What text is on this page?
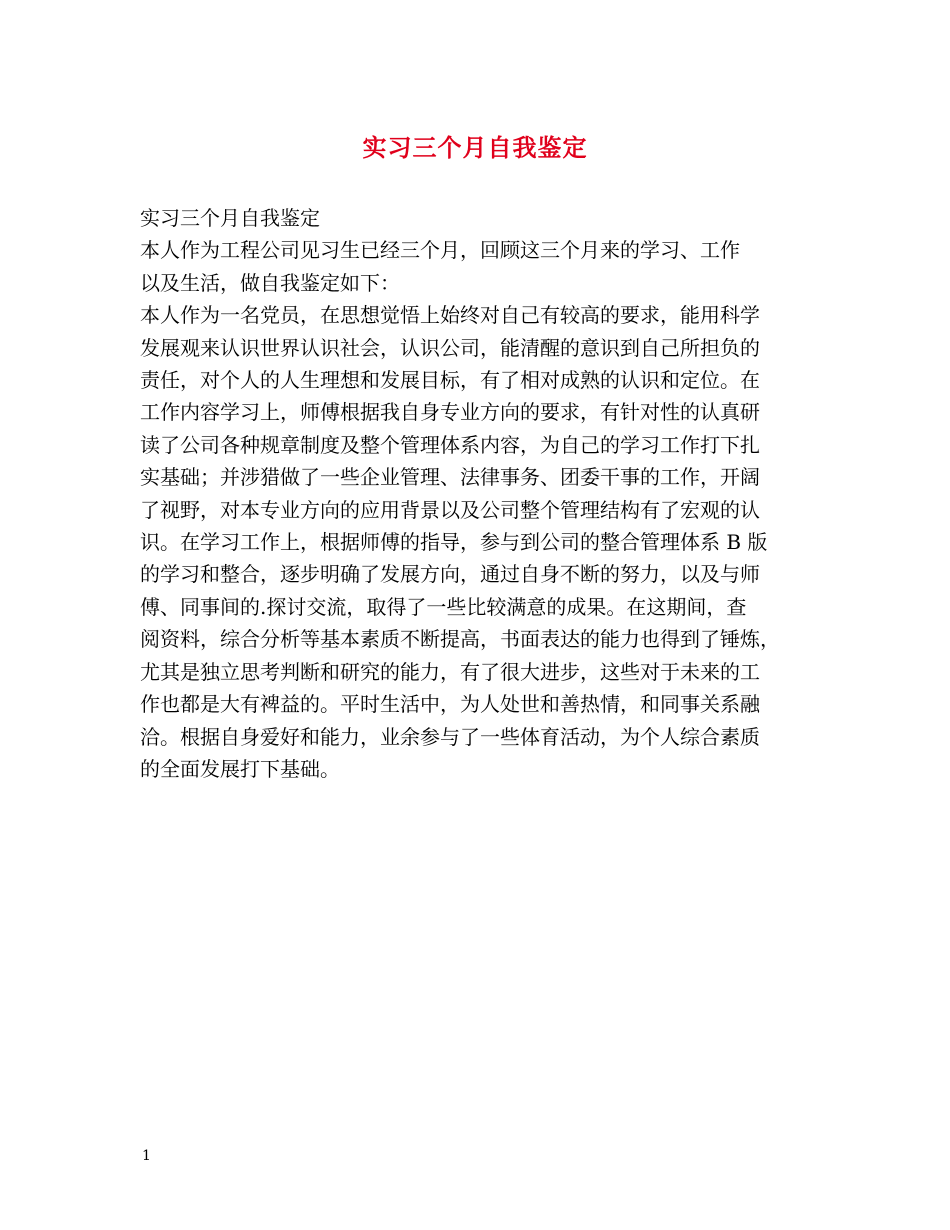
实习三个月自我鉴定

实习三个月自我鉴定

本人作为工程公司见习生已经三个月，回顾这三个月来的学习、工作

以及生活，做自我鉴定如下：

本人作为一名党员，在思想觉悟上始终对自己有较高的要求，能用科学

发展观来认识世界认识社会，认识公司，能清醒的意识到自己所担负的

责任，对个人的人生理想和发展目标，有了相对成熟的认识和定位。在

工作内容学习上，师傅根据我自身专业方向的要求，有针对性的认真研

读了公司各种规章制度及整个管理体系内容，为自己的学习工作打下扎

实基础；并涉猎做了一些企业管理、法律事务、团委干事的工作，开阔

了视野，对本专业方向的应用背景以及公司整个管理结构有了宏观的认

识。在学习工作上，根据师傅的指导，参与到公司的整合管理体系 B 版

的学习和整合，逐步明确了发展方向，通过自身不断的努力，以及与师

傅、同事间的.探讨交流，取得了一些比较满意的成果。在这期间，查

阅资料，综合分析等基本素质不断提高，书面表达的能力也得到了锤炼，

尤其是独立思考判断和研究的能力，有了很大进步，这些对于未来的工

作也都是大有裨益的。平时生活中，为人处世和善热情，和同事关系融

洽。根据自身爱好和能力，业余参与了一些体育活动，为个人综合素质

的全面发展打下基础。

1
